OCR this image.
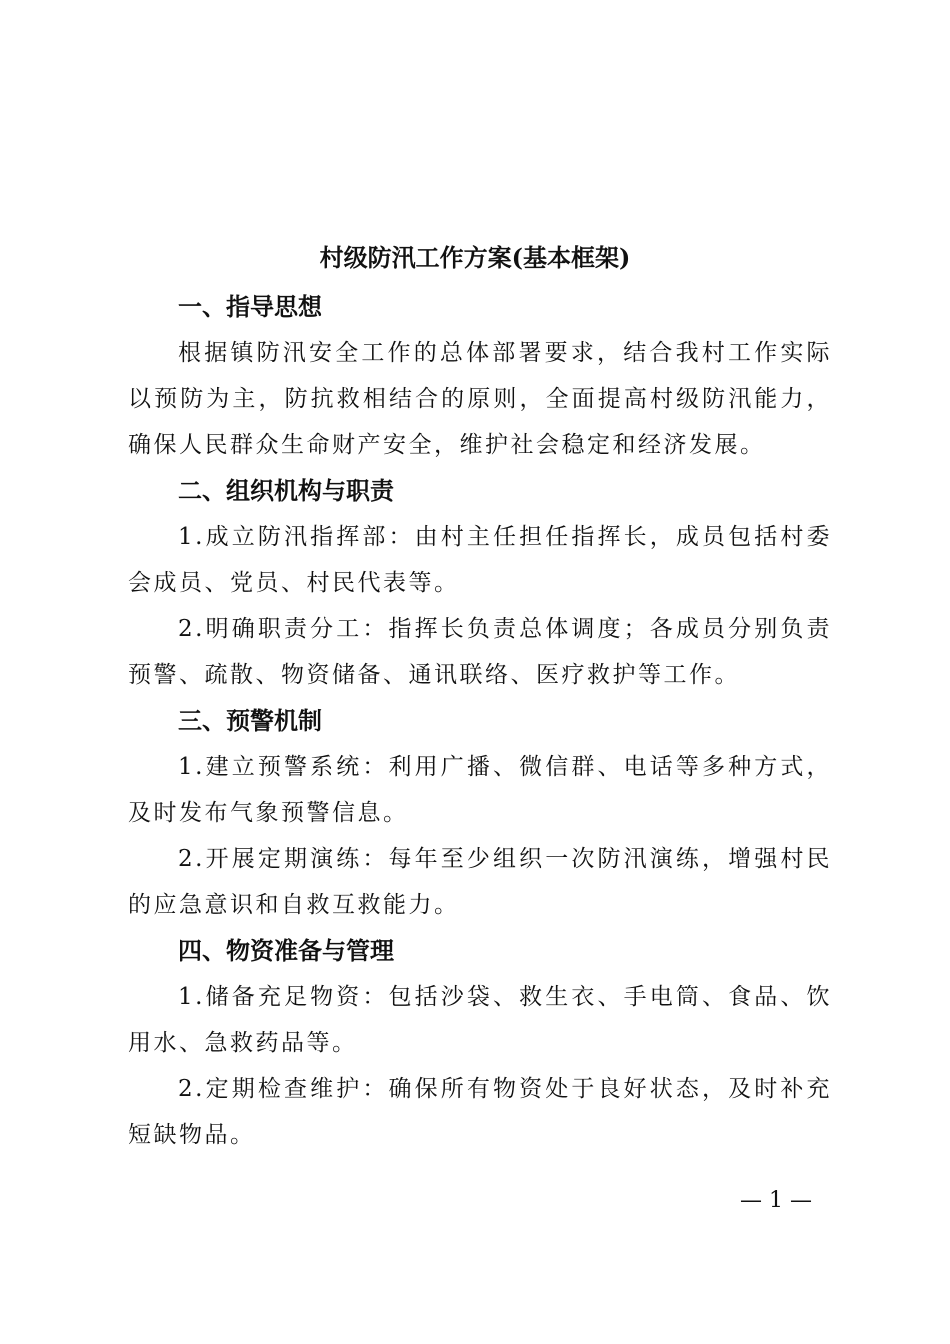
村级防汛工作方案(基本框架)
一、指导思想

根据镇防汛安全工作的总体部署要求，结合我村工作实际以预防为主，防抗救相结合的原则，全面提高村级防汛能力，确保人民群众生命财产安全，维护社会稳定和经济发展。

二、组织机构与职责

1.成立防汛指挥部：由村主任担任指挥长，成员包括村委会成员、党员、村民代表等。

2.明确职责分工：指挥长负责总体调度；各成员分别负责预警、疏散、物资储备、通讯联络、医疗救护等工作。

三、预警机制

1.建立预警系统：利用广播、微信群、电话等多种方式，及时发布气象预警信息。

2.开展定期演练：每年至少组织一次防汛演练，增强村民的应急意识和自救互救能力。

四、物资准备与管理

1.储备充足物资：包括沙袋、救生衣、手电筒、食品、饮用水、急救药品等。

2.定期检查维护：确保所有物资处于良好状态，及时补充短缺物品。

— 1 —
